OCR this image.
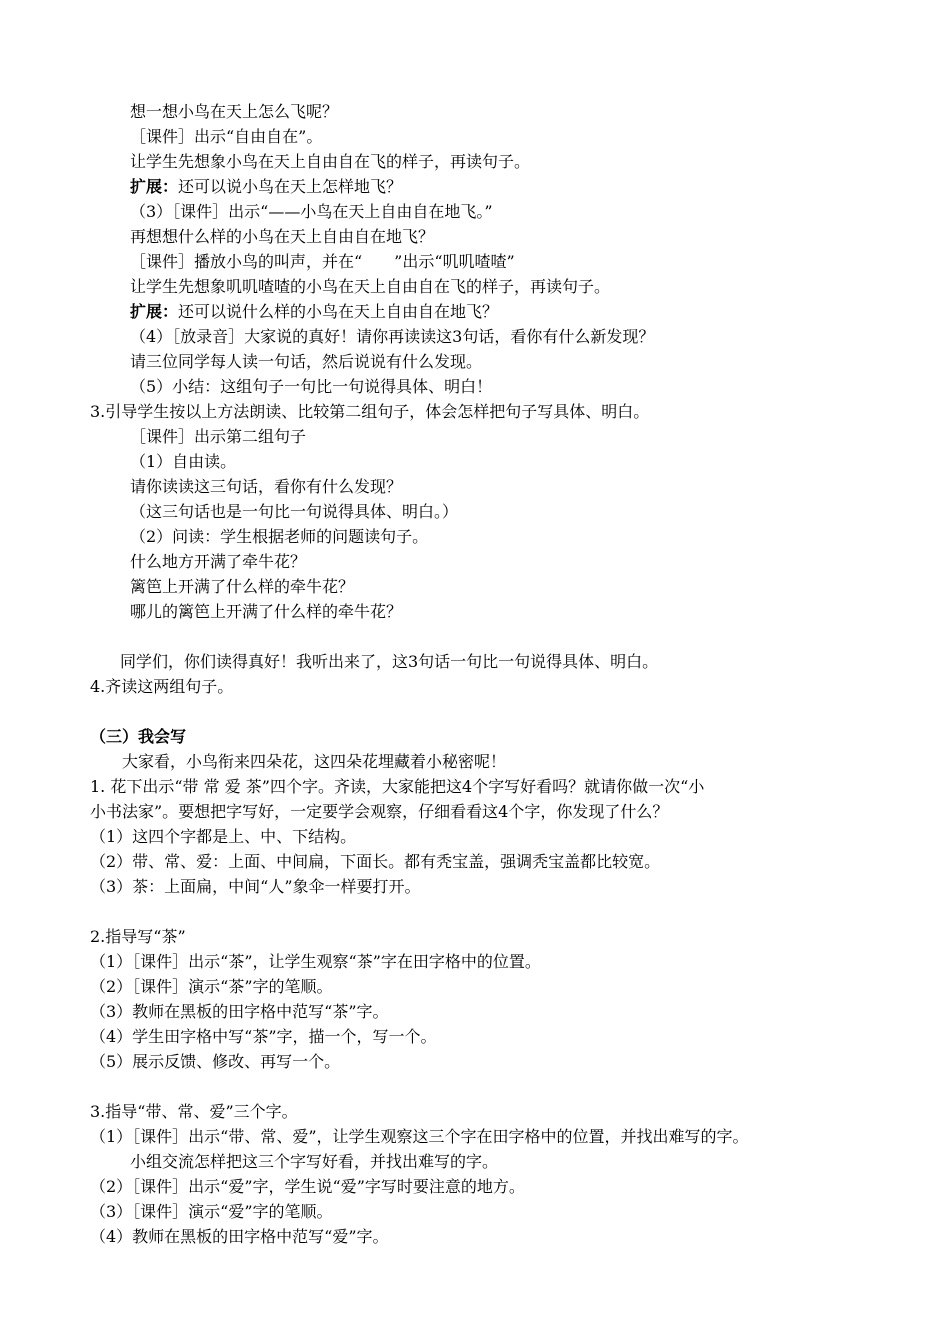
想一想小鸟在天上怎么飞呢？

［课件］出示“自由自在”。

让学生先想象小鸟在天上自由自在飞的样子，再读句子。

扩展：还可以说小鸟在天上怎样地飞？

（3）［课件］出示“——小鸟在天上自由自在地飞。”

再想想什么样的小鸟在天上自由自在地飞？

［课件］播放小鸟的叫声，并在“　　”出示“叽叽喳喳”

让学生先想象叽叽喳喳的小鸟在天上自由自在飞的样子，再读句子。

扩展：还可以说什么样的小鸟在天上自由自在地飞？

（4）［放录音］大家说的真好！请你再读读这3句话，看你有什么新发现？

请三位同学每人读一句话，然后说说有什么发现。

（5）小结：这组句子一句比一句说得具体、明白！

3.引导学生按以上方法朗读、比较第二组句子，体会怎样把句子写具体、明白。

［课件］出示第二组句子

（1）自由读。

请你读读这三句话，看你有什么发现？

（这三句话也是一句比一句说得具体、明白。）

（2）问读：学生根据老师的问题读句子。

什么地方开满了牵牛花？

篱笆上开满了什么样的牵牛花？

哪儿的篱笆上开满了什么样的牵牛花？

同学们，你们读得真好！我听出来了，这3句话一句比一句说得具体、明白。

4.齐读这两组句子。

（三）我会写

大家看，小鸟衔来四朵花，这四朵花埋藏着小秘密呢！

1. 花下出示“带 常 爱 茶”四个字。齐读，大家能把这4个字写好看吗？就请你做一次“小

小书法家”。要想把字写好，一定要学会观察，仔细看看这4个字，你发现了什么？

（1）这四个字都是上、中、下结构。

（2）带、常、爱：上面、中间扁，下面长。都有秃宝盖，强调秃宝盖都比较宽。

（3）茶：上面扁，中间“人”象伞一样要打开。

2.指导写“茶”

（1）［课件］出示“茶”，让学生观察“茶”字在田字格中的位置。

（2）［课件］演示“茶”字的笔顺。

（3）教师在黑板的田字格中范写“茶”字。

（4）学生田字格中写“茶”字，描一个，写一个。

（5）展示反馈、修改、再写一个。

3.指导“带、常、爱”三个字。

（1）［课件］出示“带、常、爱”，让学生观察这三个字在田字格中的位置，并找出难写的字。

小组交流怎样把这三个字写好看，并找出难写的字。

（2）［课件］出示“爱”字，学生说“爱”字写时要注意的地方。

（3）［课件］演示“爱”字的笔顺。

（4）教师在黑板的田字格中范写“爱”字。
